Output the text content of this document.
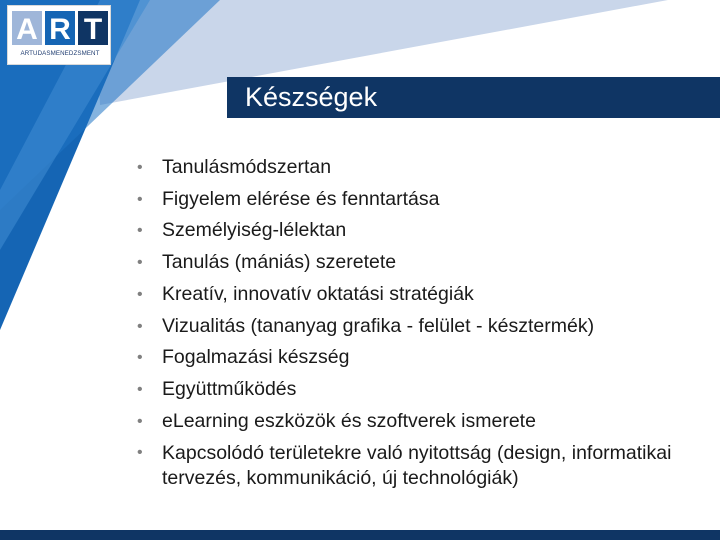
A R T
ARTUDASMENEDZSMENT
Készségek
• Tanulásmódszertan
• Figyelem elérése és fenntartása
• Személyiség-lélektan
• Tanulás (mániás) szeretete
• Kreatív, innovatív oktatási stratégiák
• Vizualitás (tananyag grafika - felület - késztermék)
• Fogalmazási készség
• Együttműködés
• eLearning eszközök és szoftverek ismerete
• Kapcsolódó területekre való nyitottság (design, informatikai tervezés, kommunikáció, új technológiák)
